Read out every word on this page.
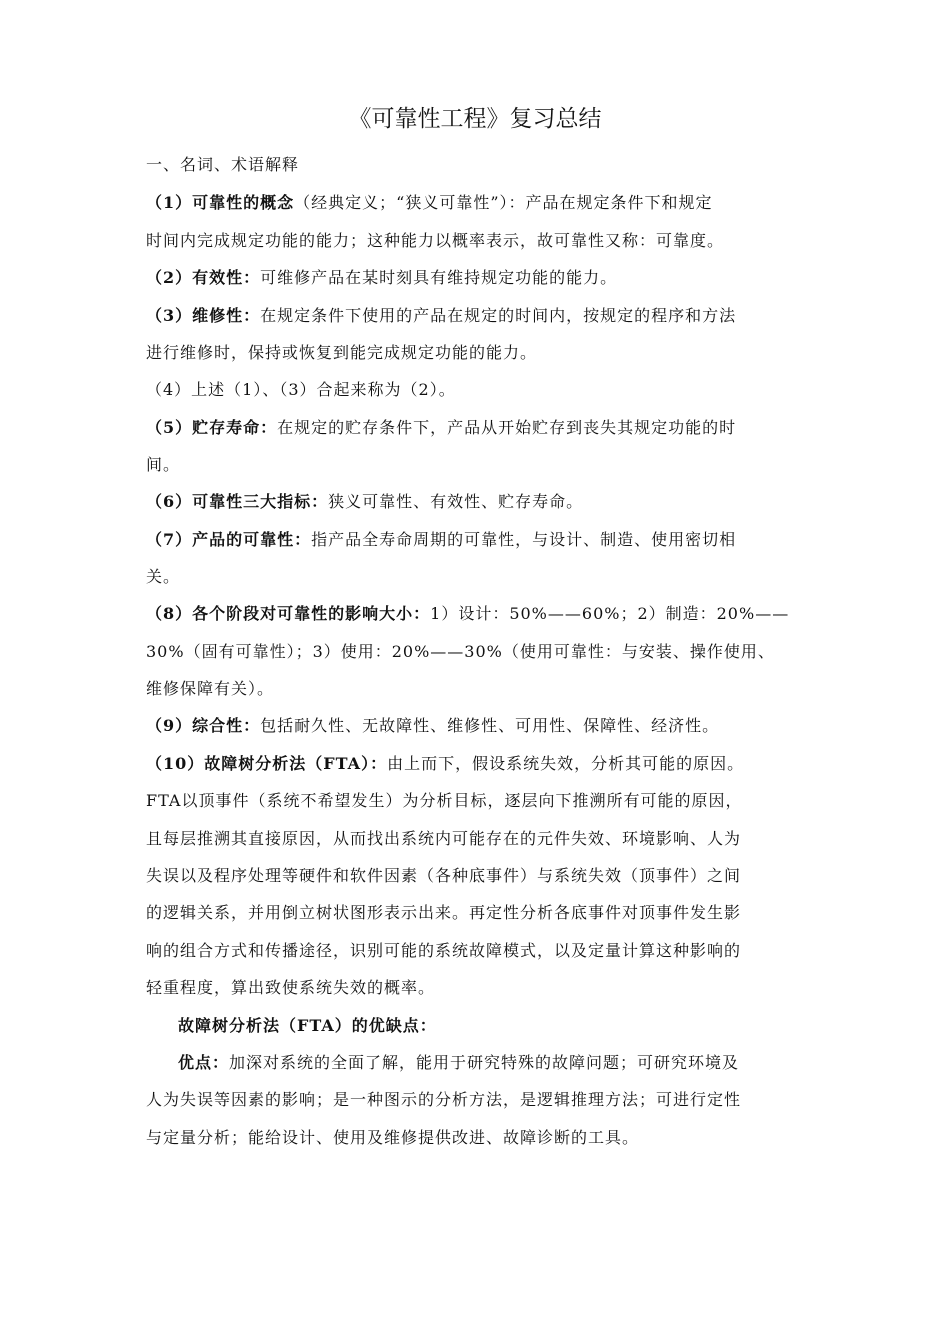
《可靠性工程》复习总结
一、名词、术语解释
（1）可靠性的概念（经典定义；“狭义可靠性”）：产品在规定条件下和规定
时间内完成规定功能的能力；这种能力以概率表示，故可靠性又称：可靠度。
（2）有效性：可维修产品在某时刻具有维持规定功能的能力。
（3）维修性：在规定条件下使用的产品在规定的时间内，按规定的程序和方法
进行维修时，保持或恢复到能完成规定功能的能力。
（4）上述（1）、（3）合起来称为（2）。
（5）贮存寿命：在规定的贮存条件下，产品从开始贮存到丧失其规定功能的时
间。
（6）可靠性三大指标：狭义可靠性、有效性、贮存寿命。
（7）产品的可靠性：指产品全寿命周期的可靠性，与设计、制造、使用密切相
关。
（8）各个阶段对可靠性的影响大小：1）设计：50%——60%；2）制造：20%——
30%（固有可靠性）；3）使用：20%——30%（使用可靠性：与安装、操作使用、
维修保障有关）。
（9）综合性：包括耐久性、无故障性、维修性、可用性、保障性、经济性。
（10）故障树分析法（FTA）：由上而下，假设系统失效，分析其可能的原因。
FTA以顶事件（系统不希望发生）为分析目标，逐层向下推溯所有可能的原因，
且每层推溯其直接原因，从而找出系统内可能存在的元件失效、环境影响、人为
失误以及程序处理等硬件和软件因素（各种底事件）与系统失效（顶事件）之间
的逻辑关系，并用倒立树状图形表示出来。再定性分析各底事件对顶事件发生影
响的组合方式和传播途径，识别可能的系统故障模式，以及定量计算这种影响的
轻重程度，算出致使系统失效的概率。
故障树分析法（FTA）的优缺点：
优点：加深对系统的全面了解，能用于研究特殊的故障问题；可研究环境及
人为失误等因素的影响；是一种图示的分析方法，是逻辑推理方法；可进行定性
与定量分析；能给设计、使用及维修提供改进、故障诊断的工具。
